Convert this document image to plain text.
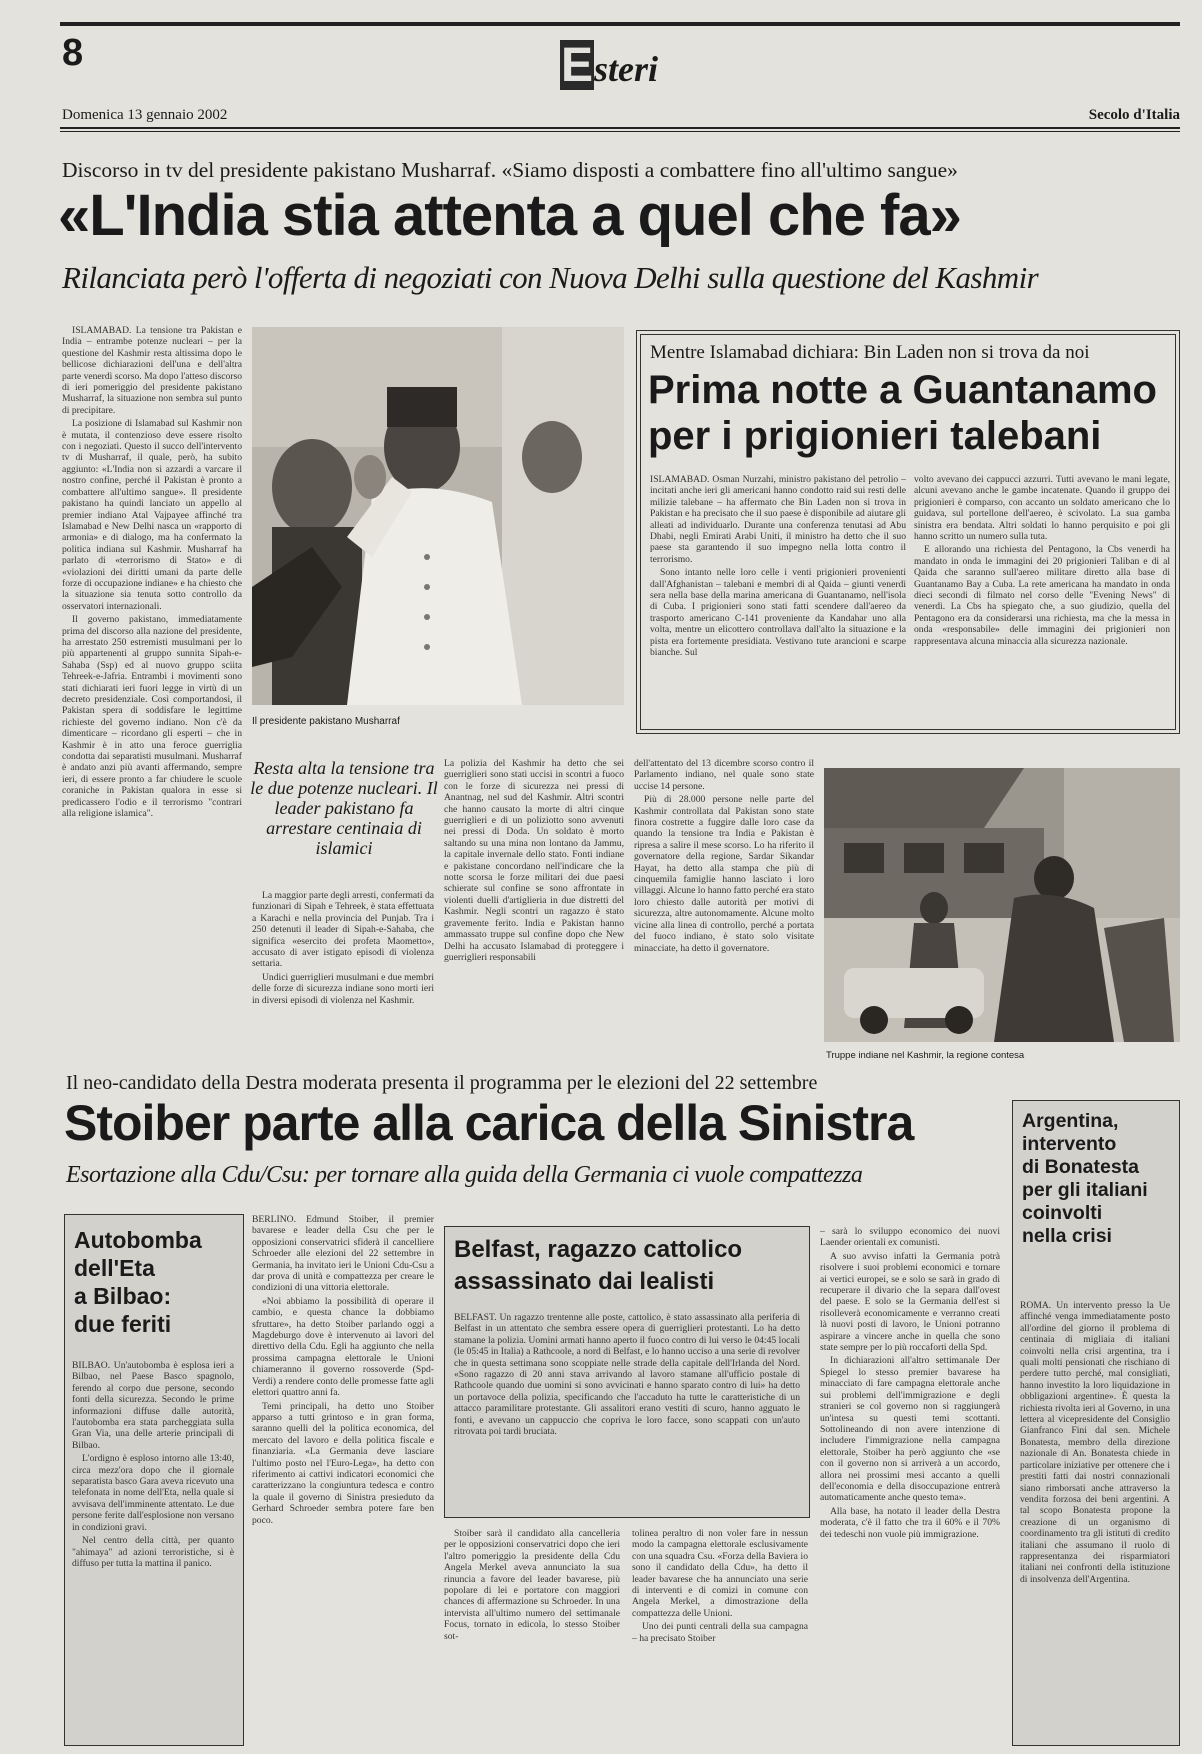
8	Esteri
Domenica 13 gennaio 2002	Secolo d'Italia
Discorso in tv del presidente pakistano Musharraf. «Siamo disposti a combattere fino all'ultimo sangue»
«L'India stia attenta a quel che fa»
Rilanciata però l'offerta di negoziati con Nuova Delhi sulla questione del Kashmir

ISLAMABAD. La tensione tra Pakistan e India – entrambe potenze nucleari – per la questione del Kashmir resta altissima dopo le bellicose dichiarazioni dell'una e dell'altra parte venerdì scorso. Ma dopo l'atteso discorso di ieri pomeriggio del presidente pakistano Musharraf, la situazione non sembra sul punto di precipitare.

La posizione di Islamabad sul Kashmir non è mutata, il contenzioso deve essere risolto con i negoziati. Questo il succo dell'intervento tv di Musharraf, il quale, però, ha subito aggiunto: «L'India non si azzardi a varcare il nostro confine, perché il Pakistan è pronto a combattere all'ultimo sangue». Il presidente pakistano ha quindi lanciato un appello al premier indiano Atal Vajpayee affinché tra Islamabad e New Delhi nasca un «rapporto di armonia» e di dialogo, ma ha confermato la politica indiana sul Kashmir. Musharraf ha parlato di «terrorismo di Stato» e di «violazioni dei diritti umani da parte delle forze di occupazione indiane» e ha chiesto che la situazione sia tenuta sotto controllo da osservatori internazionali.

Il governo pakistano, immediatamente prima del discorso alla nazione del presidente, ha arrestato 250 estremisti musulmani per lo più appartenenti al gruppo sunnita Sipah-e-Sahaba (Ssp) ed al nuovo gruppo sciita Tehreek-e-Jafria. Entrambi i movimenti sono stati dichiarati ieri fuori legge in virtù di un decreto presidenziale. Così comportandosi, il Pakistan spera di soddisfare le legittime richieste del governo indiano. Non c'è da dimenticare – ricordano gli esperti – che in Kashmir è in atto una feroce guerriglia condotta dai separatisti musulmani. Musharraf è andato anzi più avanti affermando, sempre ieri, di essere pronto a far chiudere le scuole coraniche in Pakistan qualora in esse si predicassero l'odio e il terrorismo "contrari alla religione islamica".

Il presidente pakistano Musharraf
Resta alta la tensione tra le due potenze nucleari. Il leader pakistano fa arrestare centinaia di islamici

La maggior parte degli arresti, confermati da funzionari di Sipah e Tehreek, è stata effettuata a Karachi e nella provincia del Punjab. Tra i 250 detenuti il leader di Sipah-e-Sahaba, che significa «esercito dei profeta Maometto», accusato di aver istigato episodi di violenza settaria.

Undici guerriglieri musulmani e due membri delle forze di sicurezza indiane sono morti ieri in diversi episodi di violenza nel Kashmir.

La polizia del Kashmir ha detto che sei guerriglieri sono stati uccisi in scontri a fuoco con le forze di sicurezza nei pressi di Anantnag, nel sud del Kashmir. Altri scontri che hanno causato la morte di altri cinque guerriglieri e di un poliziotto sono avvenuti nei pressi di Doda. Un soldato è morto saltando su una mina non lontano da Jammu, la capitale invernale dello stato. Fonti indiane e pakistane concordano nell'indicare che la notte scorsa le forze militari dei due paesi schierate sul confine se sono affrontate in violenti duelli d'artiglieria in due distretti del Kashmir. Negli scontri un ragazzo è stato gravemente ferito. India e Pakistan hanno ammassato truppe sul confine dopo che New Delhi ha accusato Islamabad di proteggere i guerriglieri responsabili

dell'attentato del 13 dicembre scorso contro il Parlamento indiano, nel quale sono state uccise 14 persone.

Più di 28.000 persone nelle parte del Kashmir controllata dal Pakistan sono state finora costrette a fuggire dalle loro case da quando la tensione tra India e Pakistan è ripresa a salire il mese scorso. Lo ha riferito il governatore della regione, Sardar Sikandar Hayat, ha detto alla stampa che più di cinquemila famiglie hanno lasciato i loro villaggi. Alcune lo hanno fatto perché era stato loro chiesto dalle autorità per motivi di sicurezza, altre autonomamente. Alcune molto vicine alla linea di controllo, perché a portata del fuoco indiano, è stato solo visitate minacciate, ha detto il governatore.

Truppe indiane nel Kashmir, la regione contesa
Mentre Islamabad dichiara: Bin Laden non si trova da noi
Prima notte a Guantanamo
per i prigionieri talebani

ISLAMABAD. Osman Nurzahi, ministro pakistano del petrolio – incitati anche ieri gli americani hanno condotto raid sui resti delle milizie talebane – ha affermato che Bin Laden non si trova in Pakistan e ha precisato che il suo paese è disponibile ad aiutare gli alleati ad individuarlo. Durante una conferenza tenutasi ad Abu Dhabi, negli Emirati Arabi Uniti, il ministro ha detto che il suo paese sta garantendo il suo impegno nella lotta contro il terrorismo.

Sono intanto nelle loro celle i venti prigionieri provenienti dall'Afghanistan – talebani e membri di al Qaida – giunti venerdì sera nella base della marina americana di Guantanamo, nell'isola di Cuba. I prigionieri sono stati fatti scendere dall'aereo da trasporto americano C-141 proveniente da Kandahar uno alla volta, mentre un elicottero controllava dall'alto la situazione e la pista era fortemente presidiata. Vestivano tute arancioni e scarpe bianche. Sul

volto avevano dei cappucci azzurri. Tutti avevano le mani legate, alcuni avevano anche le gambe incatenate. Quando il gruppo dei prigionieri è comparso, con accanto un soldato americano che lo guidava, sul portellone dell'aereo, è scivolato. La sua gamba sinistra era bendata. Altri soldati lo hanno perquisito e poi gli hanno scritto un numero sulla tuta.

E allorando una richiesta del Pentagono, la Cbs venerdì ha mandato in onda le immagini dei 20 prigionieri Taliban e di al Qaida che saranno sull'aereo militare diretto alla base di Guantanamo Bay a Cuba. La rete americana ha mandato in onda dieci secondi di filmato nel corso delle "Evening News" di venerdì. La Cbs ha spiegato che, a suo giudizio, quella del Pentagono era da considerarsi una richiesta, ma che la messa in onda «responsabile» delle immagini dei prigionieri non rappresentava alcuna minaccia alla sicurezza nazionale.

Il neo-candidato della Destra moderata presenta il programma per le elezioni del 22 settembre
Stoiber parte alla carica della Sinistra
Esortazione alla Cdu/Csu: per tornare alla guida della Germania ci vuole compattezza
Autobomba
dell'Eta
a Bilbao:
due feriti

BILBAO. Un'autobomba è esplosa ieri a Bilbao, nel Paese Basco spagnolo, ferendo al corpo due persone, secondo fonti della sicurezza. Secondo le prime informazioni diffuse dalle autorità, l'autobomba era stata parcheggiata sulla Gran Via, una delle arterie principali di Bilbao.

L'ordigno è esploso intorno alle 13:40, circa mezz'ora dopo che il giornale separatista basco Gara aveva ricevuto una telefonata in nome dell'Eta, nella quale si avvisava dell'imminente attentato. Le due persone ferite dall'esplosione non versano in condizioni gravi.

Nel centro della città, per quanto "ahimaya" ad azioni terroristiche, si è diffuso per tutta la mattina il panico.

BERLINO. Edmund Stoiber, il premier bavarese e leader della Csu che per le opposizioni conservatrici sfiderà il cancelliere Schroeder alle elezioni del 22 settembre in Germania, ha invitato ieri le Unioni Cdu-Csu a dar prova di unità e compattezza per creare le condizioni di una vittoria elettorale.

«Noi abbiamo la possibilità di operare il cambio, e questa chance la dobbiamo sfruttare», ha detto Stoiber parlando oggi a Magdeburgo dove è intervenuto ai lavori del direttivo della Cdu. Egli ha aggiunto che nella prossima campagna elettorale le Unioni chiameranno il governo rossoverde (Spd-Verdi) a rendere conto delle promesse fatte agli elettori quattro anni fa.

Temi principali, ha detto uno Stoiber apparso a tutti grintoso e in gran forma, saranno quelli del la politica economica, del mercato del lavoro e della politica fiscale e finanziaria. «La Germania deve lasciare l'ultimo posto nel l'Euro-Lega», ha detto con riferimento ai cattivi indicatori economici che caratterizzano la congiuntura tedesca e contro la quale il governo di Sinistra presieduto da Gerhard Schroeder sembra potere fare ben poco.

Belfast, ragazzo cattolico
assassinato dai lealisti

BELFAST. Un ragazzo trentenne alle poste, cattolico, è stato assassinato alla periferia di Belfast in un attentato che sembra essere opera di guerriglieri protestanti. Lo ha detto stamane la polizia. Uomini armati hanno aperto il fuoco contro di lui verso le 04:45 locali (le 05:45 in Italia) a Rathcoole, a nord di Belfast, e lo hanno ucciso a una serie di revolver che in questa settimana sono scoppiate nelle strade della capitale dell'Irlanda del Nord. «Sono ragazzo di 20 anni stava arrivando al lavoro stamane all'ufficio postale di Rathcoole quando due uomini si sono avvicinati e hanno sparato contro di lui» ha detto un portavoce della polizia, specificando che l'accaduto ha tutte le caratteristiche di un attacco paramilitare protestante. Gli assalitori erano vestiti di scuro, hanno agguato le fonti, e avevano un cappuccio che copriva le loro facce, sono scappati con un'auto ritrovata poi tardi bruciata.

Stoiber sarà il candidato alla cancelleria per le opposizioni conservatrici dopo che ieri l'altro pomeriggio la presidente della Cdu Angela Merkel aveva annunciato la sua rinuncia a favore del leader bavarese, più popolare di lei e portatore con maggiori chances di affermazione su Schroeder. In una intervista all'ultimo numero del settimanale Focus, tornato in edicola, lo stesso Stoiber sot-

tolinea peraltro di non voler fare in nessun modo la campagna elettorale esclusivamente con una squadra Csu. «Forza della Baviera io sono il candidato della Cdu», ha detto il leader bavarese che ha annunciato una serie di interventi e di comizi in comune con Angela Merkel, a dimostrazione della compattezza delle Unioni.

Uno dei punti centrali della sua campagna – ha precisato Stoiber

– sarà lo sviluppo economico dei nuovi Laender orientali ex comunisti.

A suo avviso infatti la Germania potrà risolvere i suoi problemi economici e tornare ai vertici europei, se e solo se sarà in grado di recuperare il divario che la separa dall'ovest del paese. E solo se la Germania dell'est si risolleverà economicamente e verranno creati là nuovi posti di lavoro, le Unioni potranno aspirare a vincere anche in quella che sono state sempre per lo più roccaforti della Spd.

In dichiarazioni all'altro settimanale Der Spiegel lo stesso premier bavarese ha minacciato di fare campagna elettorale anche sui problemi dell'immigrazione e degli stranieri se col governo non si raggiungerà un'intesa su questi temi scottanti. Sottolineando di non avere intenzione di includere l'immigrazione nella campagna elettorale, Stoiber ha però aggiunto che «se con il governo non si arriverà a un accordo, allora nei prossimi mesi accanto a quelli dell'economia e della disoccupazione entrerà automaticamente anche questo tema».

Alla base, ha notato il leader della Destra moderata, c'è il fatto che tra il 60% e il 70% dei tedeschi non vuole più immigrazione.

Argentina,
intervento
di Bonatesta
per gli italiani
coinvolti
nella crisi

ROMA. Un intervento presso la Ue affinché venga immediatamente posto all'ordine del giorno il problema di centinaia di migliaia di italiani coinvolti nella crisi argentina, tra i quali molti pensionati che rischiano di perdere tutto perché, mal consigliati, hanno investito la loro liquidazione in obbligazioni argentine». È questa la richiesta rivolta ieri al Governo, in una lettera al vicepresidente del Consiglio Gianfranco Fini dal sen. Michele Bonatesta, membro della direzione nazionale di An. Bonatesta chiede in particolare iniziative per ottenere che i prestiti fatti dai nostri connazionali siano rimborsati anche attraverso la vendita forzosa dei beni argentini. A tal scopo Bonatesta propone la creazione di un organismo di coordinamento tra gli istituti di credito italiani che assumano il ruolo di rappresentanza dei risparmiatori italiani nei confronti della istituzione di insolvenza dell'Argentina.
